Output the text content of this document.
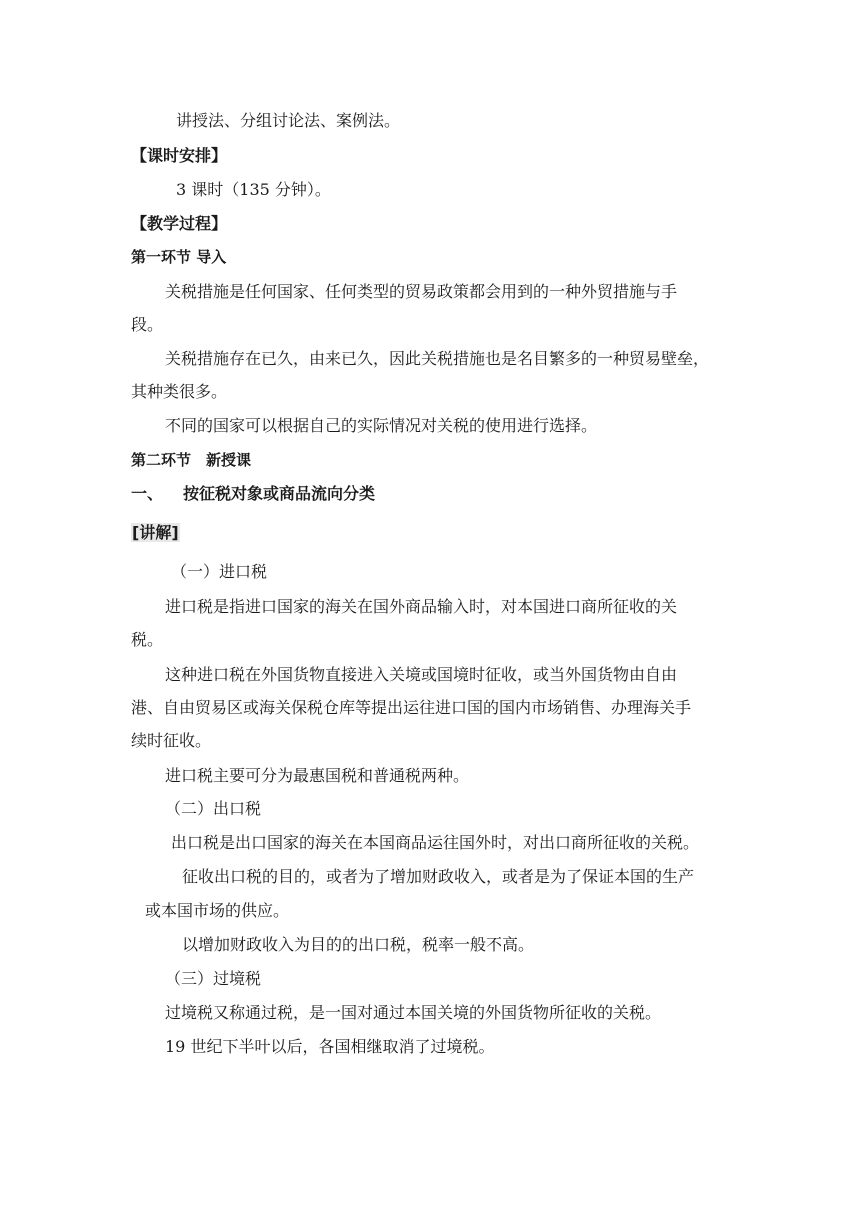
讲授法、分组讨论法、案例法。
【课时安排】
3 课时（135 分钟）。
【教学过程】
第一环节 导入
关税措施是任何国家、任何类型的贸易政策都会用到的一种外贸措施与手
段。
关税措施存在已久，由来已久，因此关税措施也是名目繁多的一种贸易壁垒，
其种类很多。
不同的国家可以根据自己的实际情况对关税的使用进行选择。
第二环节　新授课
一、 按征税对象或商品流向分类
[讲解]
（一）进口税
进口税是指进口国家的海关在国外商品输入时，对本国进口商所征收的关
税。
这种进口税在外国货物直接进入关境或国境时征收，或当外国货物由自由
港、自由贸易区或海关保税仓库等提出运往进口国的国内市场销售、办理海关手
续时征收。
进口税主要可分为最惠国税和普通税两种。
（二）出口税
出口税是出口国家的海关在本国商品运往国外时，对出口商所征收的关税。
征收出口税的目的，或者为了增加财政收入，或者是为了保证本国的生产
或本国市场的供应。
以增加财政收入为目的的出口税，税率一般不高。
（三）过境税
过境税又称通过税，是一国对通过本国关境的外国货物所征收的关税。
19 世纪下半叶以后，各国相继取消了过境税。
